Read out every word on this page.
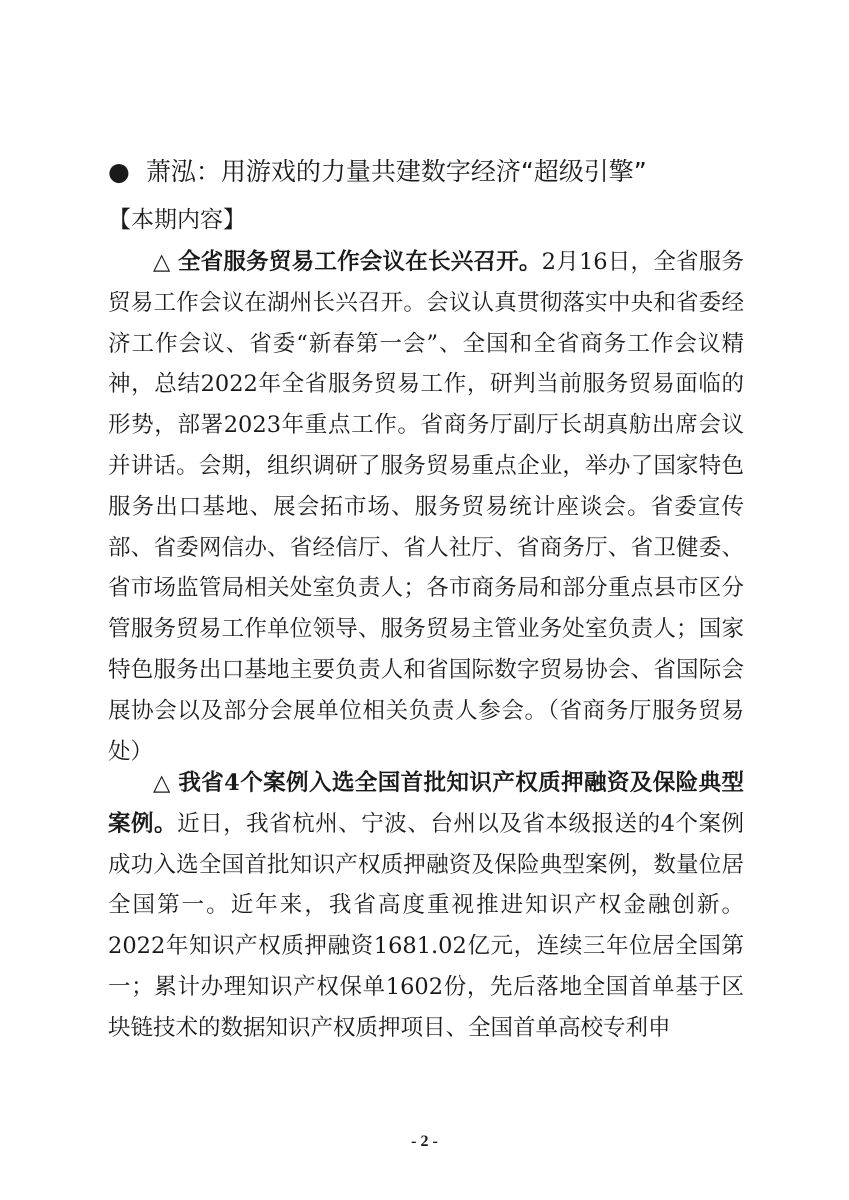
● 萧泓：用游戏的力量共建数字经济“超级引擎”
【本期内容】

△ 全省服务贸易工作会议在长兴召开。2月16日，全省服务贸易工作会议在湖州长兴召开。会议认真贯彻落实中央和省委经济工作会议、省委“新春第一会”、全国和全省商务工作会议精神，总结2022年全省服务贸易工作，研判当前服务贸易面临的形势，部署2023年重点工作。省商务厅副厅长胡真舫出席会议并讲话。会期，组织调研了服务贸易重点企业，举办了国家特色服务出口基地、展会拓市场、服务贸易统计座谈会。省委宣传部、省委网信办、省经信厅、省人社厅、省商务厅、省卫健委、省市场监管局相关处室负责人；各市商务局和部分重点县市区分管服务贸易工作单位领导、服务贸易主管业务处室负责人；国家特色服务出口基地主要负责人和省国际数字贸易协会、省国际会展协会以及部分会展单位相关负责人参会。（省商务厅服务贸易处）

△ 我省4个案例入选全国首批知识产权质押融资及保险典型案例。近日，我省杭州、宁波、台州以及省本级报送的4个案例成功入选全国首批知识产权质押融资及保险典型案例，数量位居全国第一。近年来，我省高度重视推进知识产权金融创新。2022年知识产权质押融资1681.02亿元，连续三年位居全国第一；累计办理知识产权保单1602份，先后落地全国首单基于区块链技术的数据知识产权质押项目、全国首单高校专利申

- 2 -
